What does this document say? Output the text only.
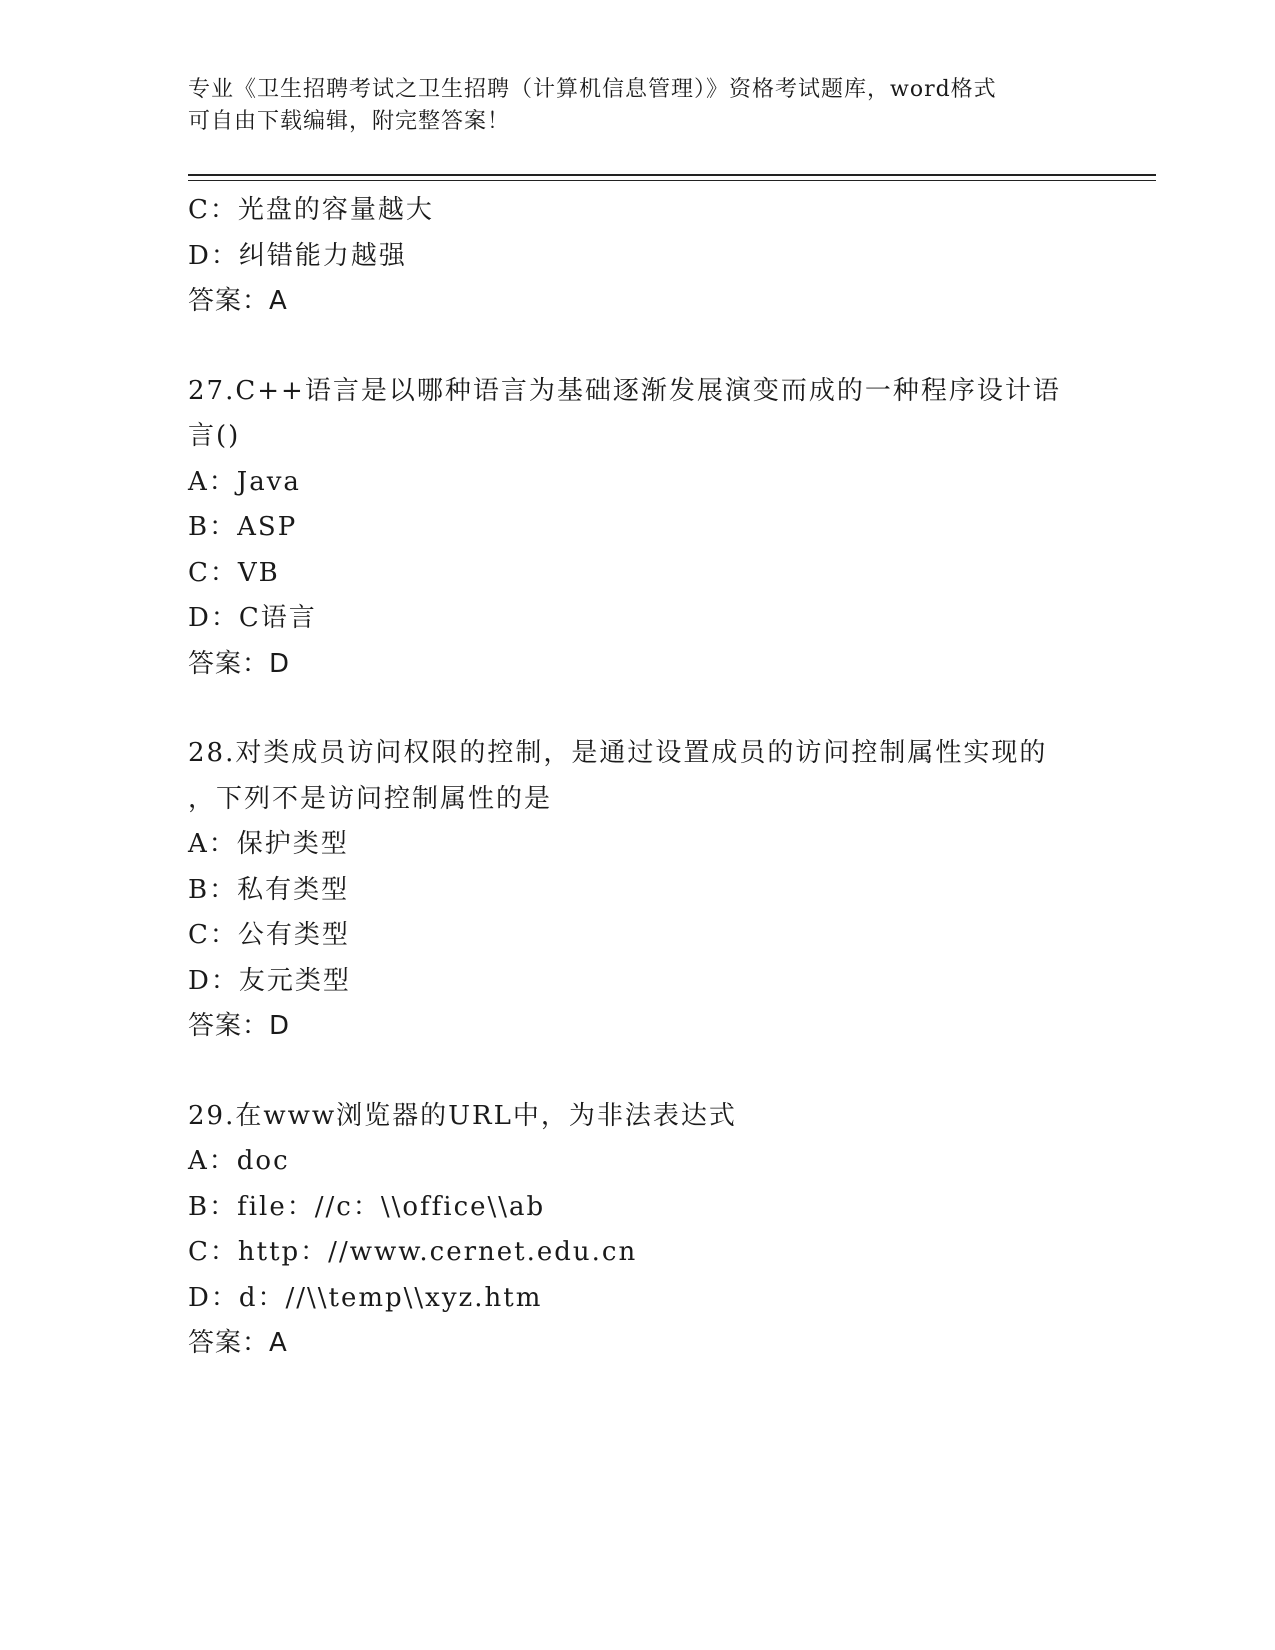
专业《卫生招聘考试之卫生招聘（计算机信息管理）》资格考试题库，word格式
可自由下载编辑，附完整答案！
C：光盘的容量越大
D：纠错能力越强
答案：A
27.C++语言是以哪种语言为基础逐渐发展演变而成的一种程序设计语
言()
A：Java
B：ASP
C：VB
D：C语言
答案：D
28.对类成员访问权限的控制，是通过设置成员的访问控制属性实现的
，下列不是访问控制属性的是
A：保护类型
B：私有类型
C：公有类型
D：友元类型
答案：D
29.在www浏览器的URL中，为非法表达式
A：doc
B：file：//c：\\office\\ab
C：http：//www.cernet.edu.cn
D：d：//\\temp\\xyz.htm
答案：A
